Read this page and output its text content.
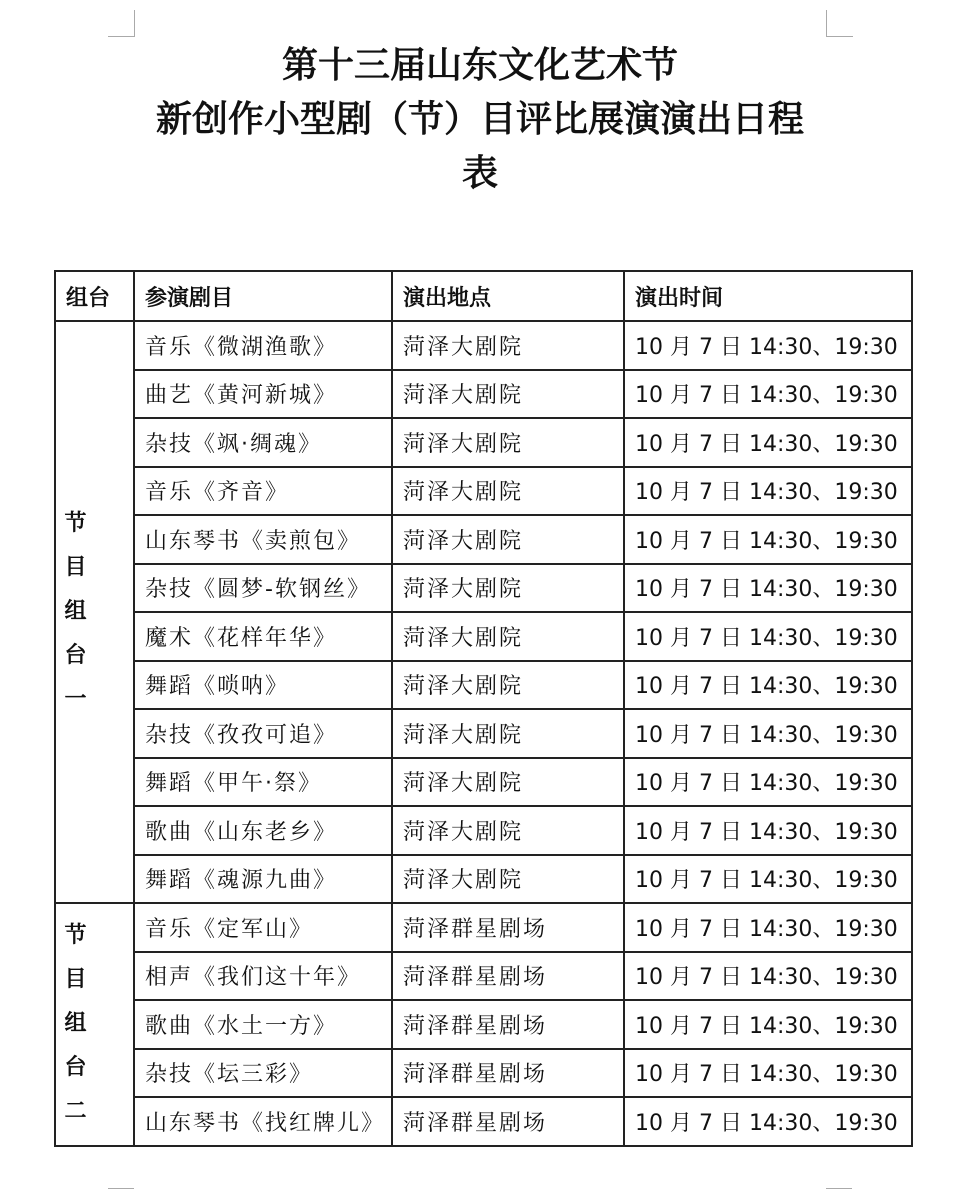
第十三届山东文化艺术节
新创作小型剧（节）目评比展演演出日程
表
组台	参演剧目	演出地点	演出时间

节目组台一	音乐《微湖渔歌》	菏泽大剧院	10 月 7 日 14:30、19:30
	曲艺《黄河新城》	菏泽大剧院	10 月 7 日 14:30、19:30
	杂技《飒·绸魂》	菏泽大剧院	10 月 7 日 14:30、19:30
	音乐《齐音》	菏泽大剧院	10 月 7 日 14:30、19:30
	山东琴书《卖煎包》	菏泽大剧院	10 月 7 日 14:30、19:30
	杂技《圆梦-软钢丝》	菏泽大剧院	10 月 7 日 14:30、19:30
	魔术《花样年华》	菏泽大剧院	10 月 7 日 14:30、19:30
	舞蹈《唢呐》	菏泽大剧院	10 月 7 日 14:30、19:30
	杂技《孜孜可追》	菏泽大剧院	10 月 7 日 14:30、19:30
	舞蹈《甲午·祭》	菏泽大剧院	10 月 7 日 14:30、19:30
	歌曲《山东老乡》	菏泽大剧院	10 月 7 日 14:30、19:30
	舞蹈《魂源九曲》	菏泽大剧院	10 月 7 日 14:30、19:30

节目组台二	音乐《定军山》	菏泽群星剧场	10 月 7 日 14:30、19:30
	相声《我们这十年》	菏泽群星剧场	10 月 7 日 14:30、19:30
	歌曲《水土一方》	菏泽群星剧场	10 月 7 日 14:30、19:30
	杂技《坛三彩》	菏泽群星剧场	10 月 7 日 14:30、19:30
	山东琴书《找红牌儿》	菏泽群星剧场	10 月 7 日 14:30、19:30
